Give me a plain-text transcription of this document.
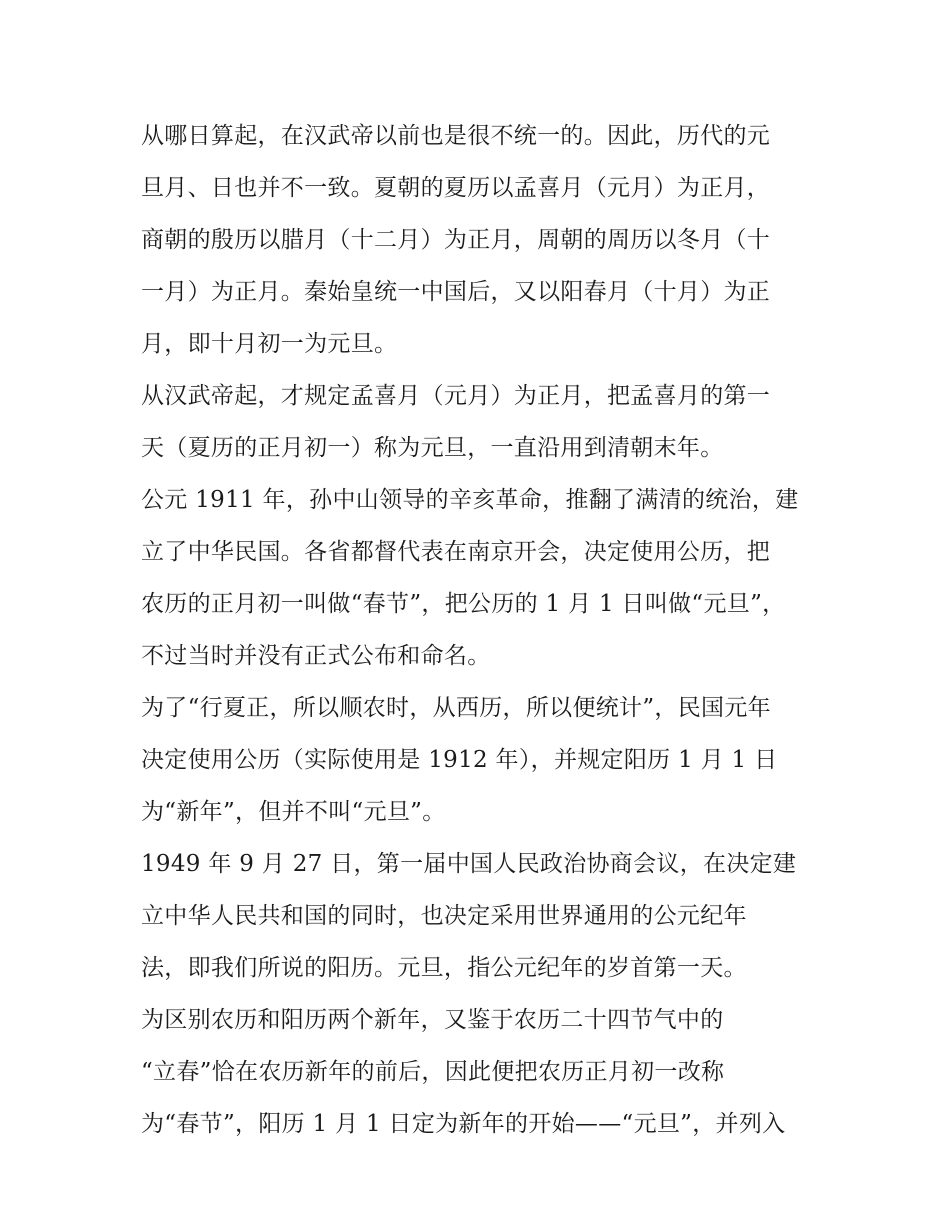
从哪日算起，在汉武帝以前也是很不统一的。因此，历代的元
旦月、日也并不一致。夏朝的夏历以孟喜月（元月）为正月，
商朝的殷历以腊月（十二月）为正月，周朝的周历以冬月（十
一月）为正月。秦始皇统一中国后，又以阳春月（十月）为正
月，即十月初一为元旦。
从汉武帝起，才规定孟喜月（元月）为正月，把孟喜月的第一
天（夏历的正月初一）称为元旦，一直沿用到清朝末年。
公元 1911 年，孙中山领导的辛亥革命，推翻了满清的统治，建
立了中华民国。各省都督代表在南京开会，决定使用公历，把
农历的正月初一叫做“春节”，把公历的 1 月 1 日叫做“元旦”，
不过当时并没有正式公布和命名。
为了“行夏正，所以顺农时，从西历，所以便统计”，民国元年
决定使用公历（实际使用是 1912 年），并规定阳历 1 月 1 日
为“新年”，但并不叫“元旦”。
1949 年 9 月 27 日，第一届中国人民政治协商会议，在决定建
立中华人民共和国的同时，也决定采用世界通用的公元纪年
法，即我们所说的阳历。元旦，指公元纪年的岁首第一天。
为区别农历和阳历两个新年，又鉴于农历二十四节气中的
“立春”恰在农历新年的前后，因此便把农历正月初一改称
为“春节”，阳历 1 月 1 日定为新年的开始——“元旦”，并列入
